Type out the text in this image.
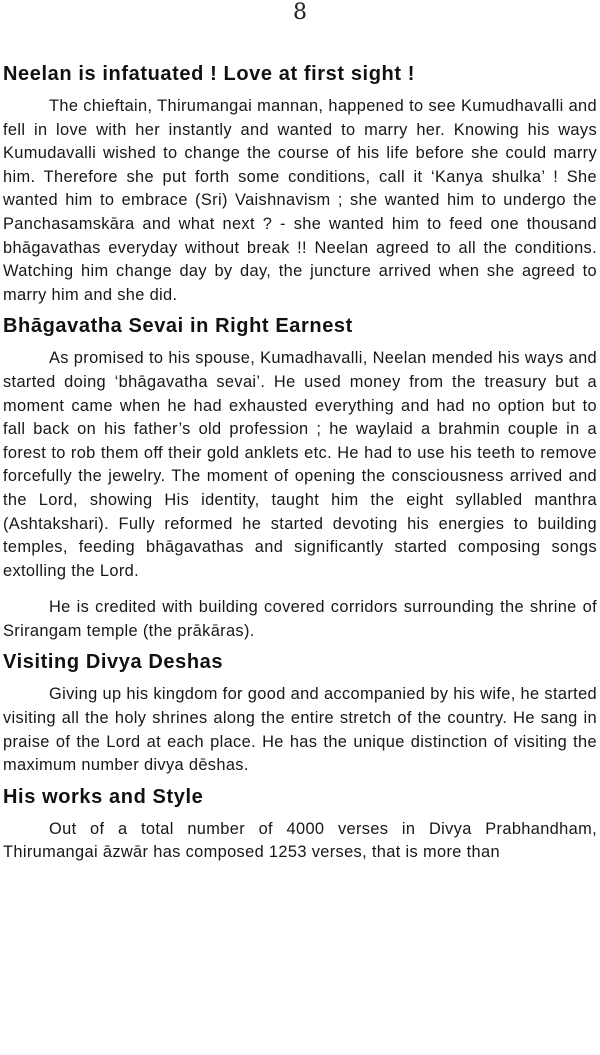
8
Neelan is infatuated ! Love at first sight !

The chieftain, Thirumangai mannan, happened to see Kumudhavalli and fell in love with her instantly and wanted to marry her. Knowing his ways Kumudavalli wished to change the course of his life before she could marry him. Therefore she put forth some conditions, call it ‘Kanya shulka’ ! She wanted him to embrace (Sri) Vaishnavism ; she wanted him to undergo the Panchasamskāra and what next ? - she wanted him to feed one thousand bhāgavathas everyday without break !! Neelan agreed to all the conditions. Watching him change day by day, the juncture arrived when she agreed to marry him and she did.

Bhāgavatha Sevai in Right Earnest

As promised to his spouse, Kumadhavalli, Neelan mended his ways and started doing ‘bhāgavatha sevai’. He used money from the treasury but a moment came when he had exhausted everything and had no option but to fall back on his father’s old profession ; he waylaid a brahmin couple in a forest to rob them off their gold anklets etc. He had to use his teeth to remove forcefully the jewelry. The moment of opening the consciousness arrived and the Lord, showing His identity, taught him the eight syllabled manthra (Ashtakshari). Fully reformed he started devoting his energies to building temples, feeding bhāgavathas and significantly started composing songs extolling the Lord.

He is credited with building covered corridors surrounding the shrine of Srirangam temple (the prākāras).

Visiting Divya Deshas

Giving up his kingdom for good and accompanied by his wife, he started visiting all the holy shrines along the entire stretch of the country. He sang in praise of the Lord at each place. He has the unique distinction of visiting the maximum number divya dēshas.

His works and Style

Out of a total number of 4000 verses in Divya Prabhandham, Thirumangai āzwār has composed 1253 verses, that is more than
